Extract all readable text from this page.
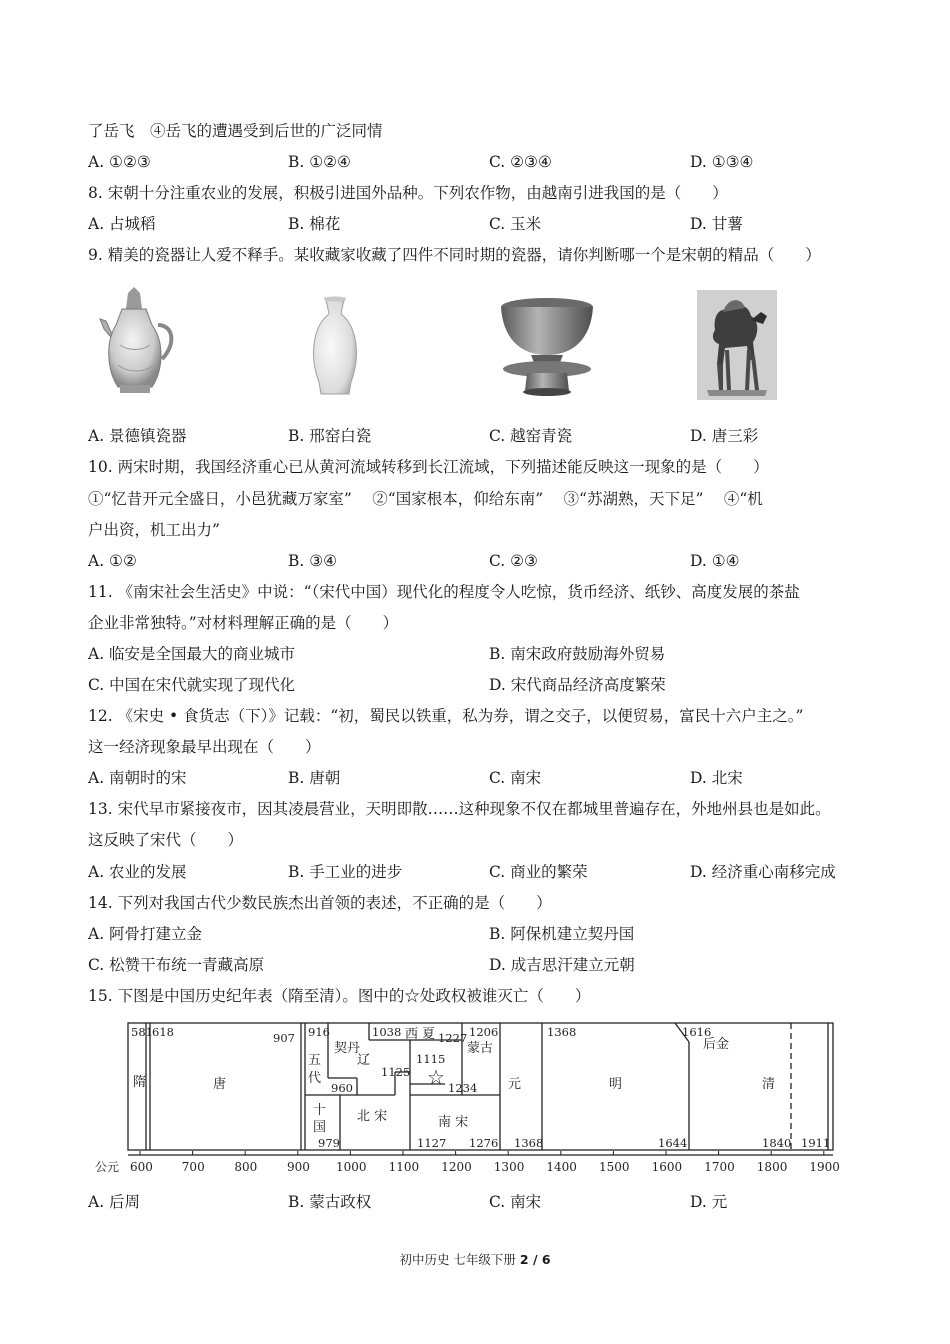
了岳飞　④岳飞的遭遇受到后世的广泛同情
A. ①②③	B. ①②④	C. ②③④	D. ①③④
8. 宋朝十分注重农业的发展，积极引进国外品种。下列农作物，由越南引进我国的是（　　）
A. 占城稻	B. 棉花	C. 玉米	D. 甘薯
9. 精美的瓷器让人爱不释手。某收藏家收藏了四件不同时期的瓷器，请你判断哪一个是宋朝的精品（　　）
A. 景德镇瓷器	B. 邢窑白瓷	C. 越窑青瓷	D. 唐三彩
10. 两宋时期，我国经济重心已从黄河流域转移到长江流域，下列描述能反映这一现象的是（　　）
①“忆昔开元全盛日，小邑犹藏万家室”　 ②“国家根本，仰给东南”　 ③“苏湖熟，天下足”　 ④“机
户出资，机工出力”
A. ①②	B. ③④	C. ②③	D. ①④
11. 《南宋社会生活史》中说：“（宋代中国）现代化的程度令人吃惊，货币经济、纸钞、高度发展的茶盐
企业非常独特。”对材料理解正确的是（　　）
A. 临安是全国最大的商业城市	B. 南宋政府鼓励海外贸易
C. 中国在宋代就实现了现代化	D. 宋代商品经济高度繁荣
12. 《宋史 • 食货志（下）》记载：“初，蜀民以铁重，私为券，谓之交子，以便贸易，富民十六户主之。”
这一经济现象最早出现在（　　）
A. 南朝时的宋	B. 唐朝	C. 南宋	D. 北宋
13. 宋代早市紧接夜市，因其凌晨营业，天明即散……这种现象不仅在都城里普遍存在，外地州县也是如此。
这反映了宋代（　　）
A. 农业的发展	B. 手工业的进步	C. 商业的繁荣	D. 经济重心南移完成
14. 下列对我国古代少数民族杰出首领的表述，不正确的是（　　）
A. 阿骨打建立金	B. 阿保机建立契丹国
C. 松赞干布统一青藏高原	D. 成吉思汗建立元朝
15. 下图是中国历史纪年表（隋至清）。图中的☆处政权被谁灭亡（　　）
公元 600 700 800 900 1000 1100 1200 1300 1400 1500 1600 1700 1800 1900
隋	唐
五
代
十
国
契丹
辽
西 夏
蒙古
北 宋	南 宋
元	明
后金
清
☆
581 618	907 916
960
979
1038	1227
1115
1125
1234
1206
1127 1276 1368
1368
1644
1616
1840 1911
A. 后周	B. 蒙古政权	C. 南宋	D. 元
初中历史 七年级下册 2 / 6
